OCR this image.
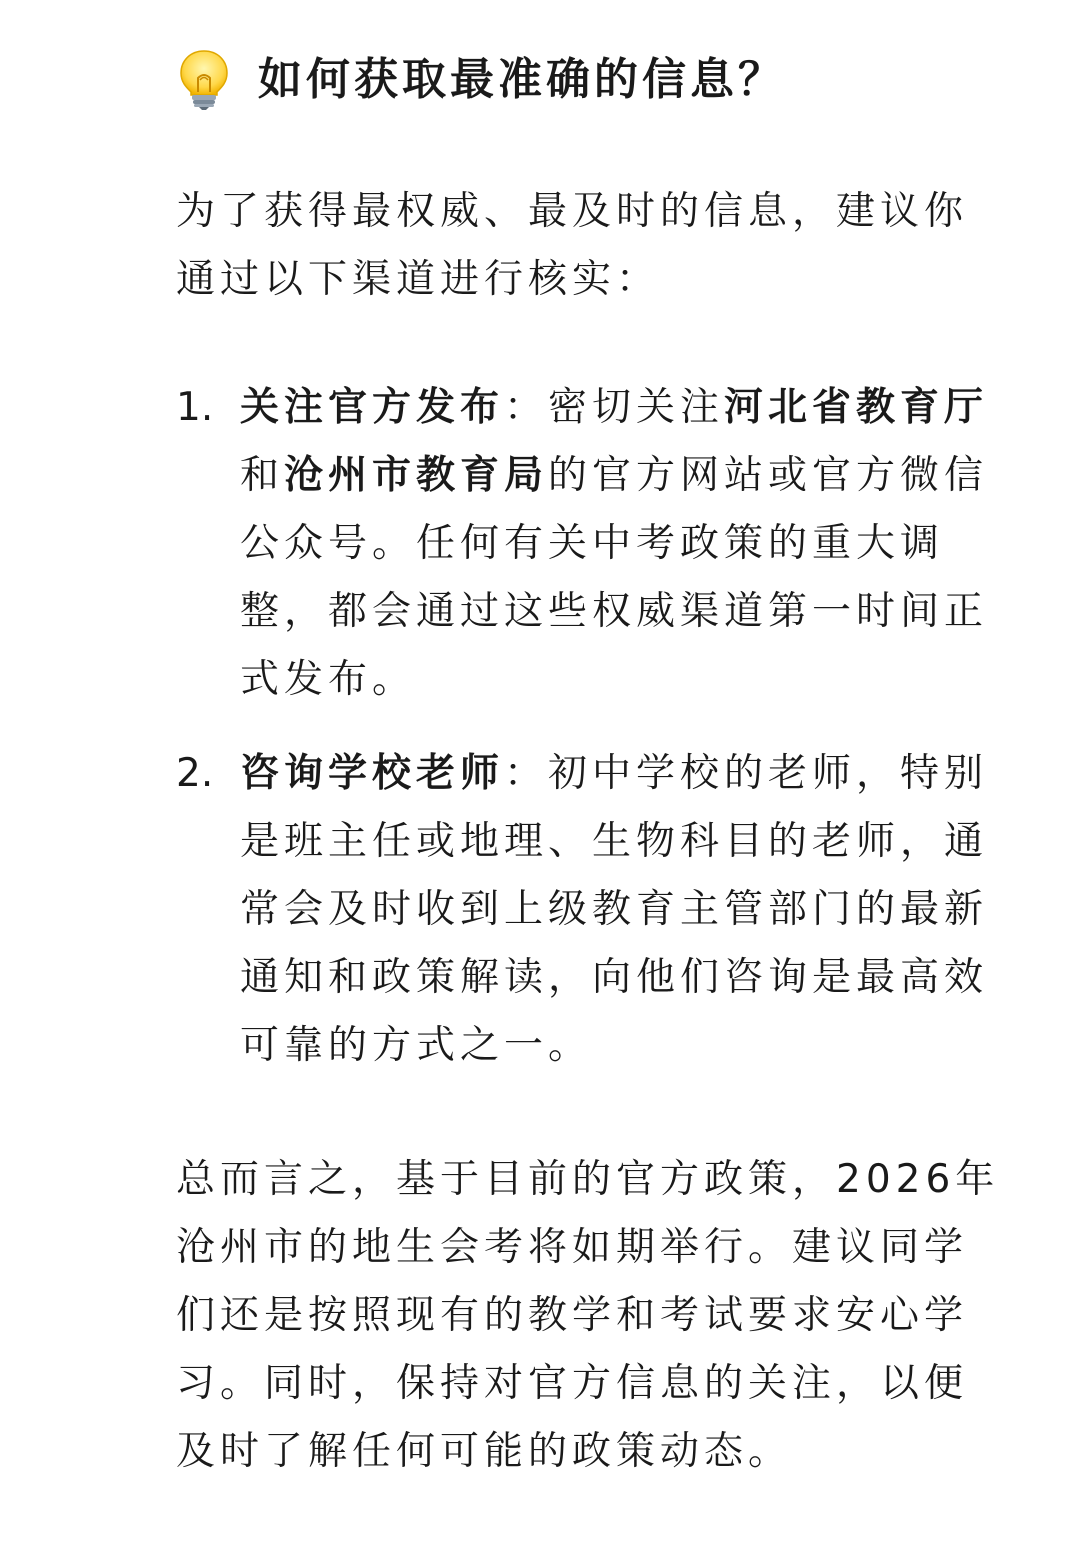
如何获取最准确的信息？

为了获得最权威、最及时的信息，建议你通过以下渠道进行核实：

1. 关注官方发布：密切关注河北省教育厅和沧州市教育局的官方网站或官方微信公众号。任何有关中考政策的重大调整，都会通过这些权威渠道第一时间正式发布。

2. 咨询学校老师：初中学校的老师，特别是班主任或地理、生物科目的老师，通常会及时收到上级教育主管部门的最新通知和政策解读，向他们咨询是最高效可靠的方式之一。

总而言之，基于目前的官方政策，2026年沧州市的地生会考将如期举行。建议同学们还是按照现有的教学和考试要求安心学习。同时，保持对官方信息的关注，以便及时了解任何可能的政策动态。
